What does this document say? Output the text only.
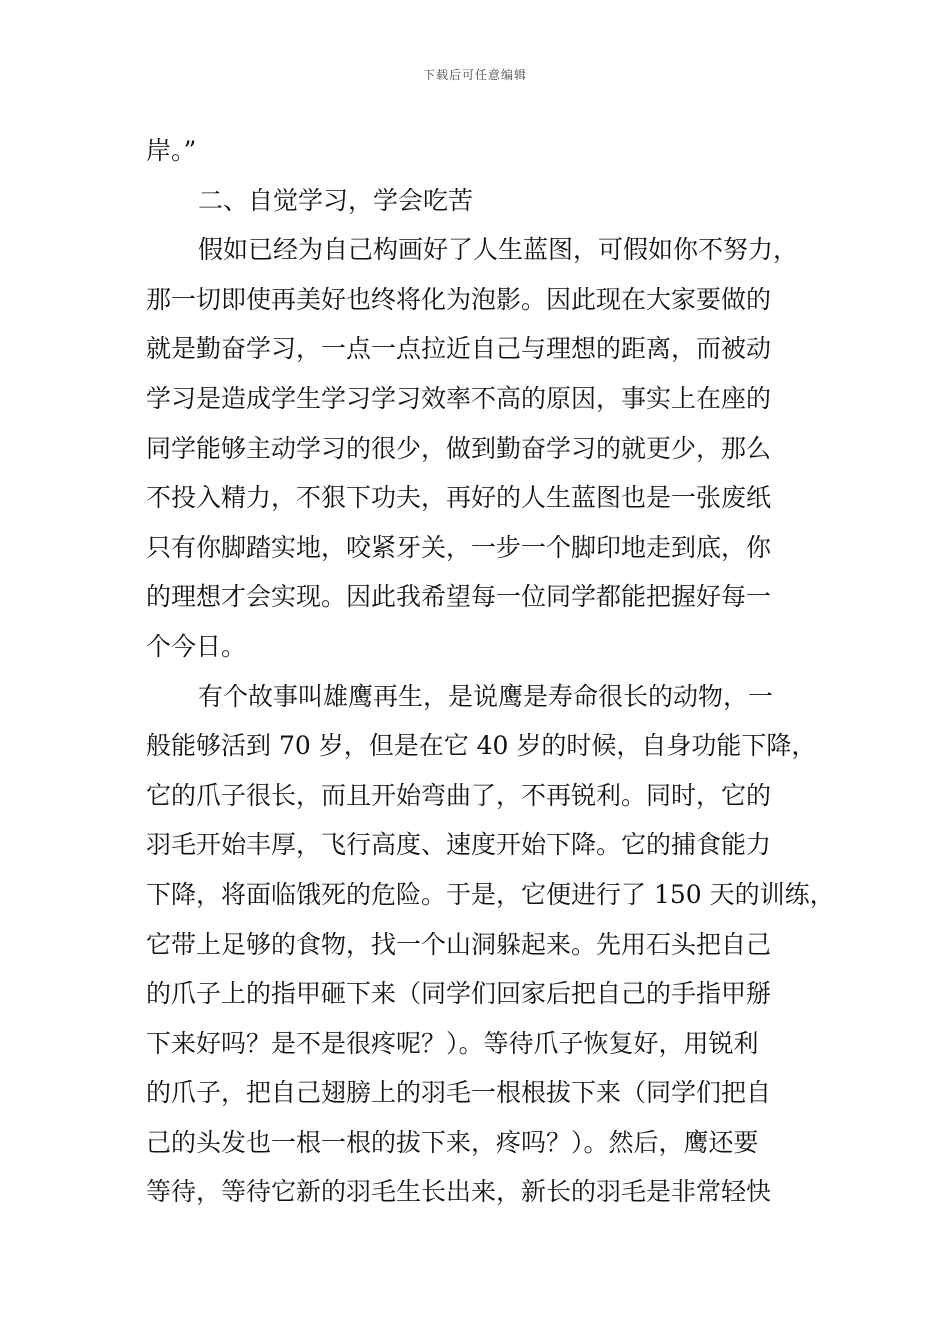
下载后可任意编辑
岸。”
二、自觉学习，学会吃苦
假如已经为自己构画好了人生蓝图，可假如你不努力，
那一切即使再美好也终将化为泡影。因此现在大家要做的
就是勤奋学习，一点一点拉近自己与理想的距离，而被动
学习是造成学生学习学习效率不高的原因，事实上在座的
同学能够主动学习的很少，做到勤奋学习的就更少，那么
不投入精力，不狠下功夫，再好的人生蓝图也是一张废纸
只有你脚踏实地，咬紧牙关，一步一个脚印地走到底，你
的理想才会实现。因此我希望每一位同学都能把握好每一
个今日。
有个故事叫雄鹰再生，是说鹰是寿命很长的动物，一
般能够活到 70 岁，但是在它 40 岁的时候，自身功能下降，
它的爪子很长，而且开始弯曲了，不再锐利。同时，它的
羽毛开始丰厚，飞行高度、速度开始下降。它的捕食能力
下降，将面临饿死的危险。于是，它便进行了 150 天的训练，
它带上足够的食物，找一个山洞躲起来。先用石头把自己
的爪子上的指甲砸下来（同学们回家后把自己的手指甲掰
下来好吗？是不是很疼呢？）。等待爪子恢复好，用锐利
的爪子，把自己翅膀上的羽毛一根根拔下来（同学们把自
己的头发也一根一根的拔下来，疼吗？）。然后，鹰还要
等待，等待它新的羽毛生长出来，新长的羽毛是非常轻快
